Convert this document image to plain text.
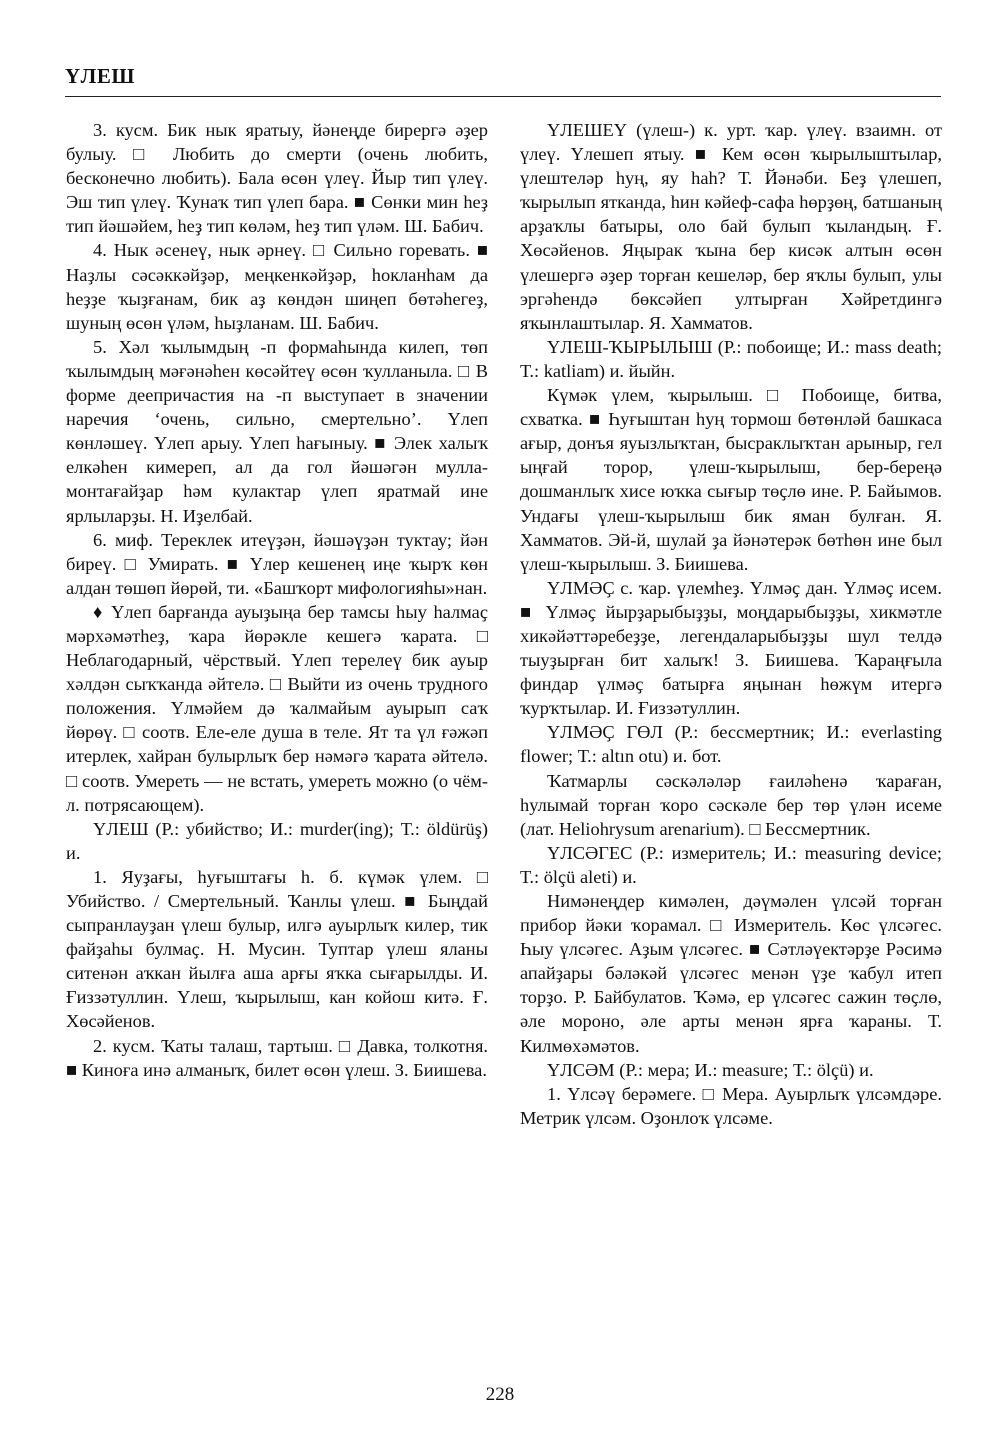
ҮЛЕШ

3. кусм. Бик нык яратыу, йәнеңде бирергә әҙер булыу. □ Любить до смерти (очень любить, бесконечно любить). Бала өсөн үлеү. Йыр тип үлеү. Эш тип үлеү. Ҡунаҡ тип үлеп бара. ■ Сөнки мин һеҙ тип йәшәйем, һеҙ тип көләм, һеҙ тип үләм. Ш. Бабич.

4. Нык әсенеү, нык әрнеү. □ Сильно горевать. ■ Наҙлы сәсәккәйҙәр, меңкенкәйҙәр, һокланһам да һеҙҙе ҡыҙғанам, бик аҙ көндән шиңеп бөтәһегеҙ, шуның өсөн үләм, һыҙланам. Ш. Бабич.

5. Хәл ҡылымдың -п формаһында килеп, төп ҡылымдың мәғәнәһен көсәйтеү өсөн ҡулланыла. □ В форме деепричастия на -п выступает в значении наречия ‘очень, сильно, смертельно’. Үлеп көнләшеү. Үлеп арыу. Үлеп һағыныу. ■ Элек халыҡ елкәһен кимереп, ал да гол йәшәгән мулла-монтағайҙар һәм кулактар үлеп яратмай ине ярлыларҙы. Н. Иҙелбай.

6. миф. Тереклек итеүҙән, йәшәүҙән туктау; йән биреү. □ Умирать. ■ Үлер кешенең иңе ҡырҡ көн алдан төшөп йөрөй, ти. «Башҡорт мифологияһы»нан.

♦ Үлеп барғанда ауыҙыңа бер тамсы һыу һалмаҫ мәрхәмәтһеҙ, ҡара йөрәкле кешегә ҡарата. □ Неблагодарный, чёрствый. Үлеп терелеү бик ауыр хәлдән сыҡҡанда әйтелә. □ Выйти из очень трудного положения. Үлмәйем дә ҡалмайым ауырып саҡ йөрөү. □ соотв. Еле-еле душа в теле. Ят та үл ғәжәп итерлек, хайран булырлыҡ бер нәмәгә ҡарата әйтелә. □ соотв. Умереть — не встать, умереть можно (о чём-л. потрясающем).

ҮЛЕШ (Р.: убийство; И.: murder(ing); Т.: öldürüş) и.

1. Яуҙағы, һуғыштағы һ. б. күмәк үлем. □ Убийство. / Смертельный. Ҡанлы үлеш. ■ Быңдай сыпранлауҙан үлеш булыр, илгә ауырлыҡ килер, тик файҙаһы булмаҫ. Н. Мусин. Туптар үлеш яланы ситенән аҡкан йылға аша арғы яҡка сығарылды. И. Ғиззәтуллин. Үлеш, ҡырылыш, кан койош китә. Ғ. Хөсәйенов.

2. кусм. Ҡаты талаш, тартыш. □ Давка, толкотня. ■ Киноға инә алманыҡ, билет өсөн үлеш. З. Биишева.

ҮЛЕШЕҮ (үлеш-) к. урт. ҡар. үлеү. взаимн. от үлеү. Үлешеп ятыу. ■ Кем өсөн ҡырылыштылар, үлештеләр һуң, яу һаһ? Т. Йәнәби. Беҙ үлешеп, ҡырылып ятканда, һин кәйеф-сафа һөрҙөң, батшаның арҙаҡлы батыры, оло бай булып ҡыландың. Ғ. Хөсәйенов. Яңырак ҡына бер кисәк алтын өсөн үлешергә әҙер торған кешеләр, бер яҡлы булып, улы эргәһендә бөксәйеп ултырған Хәйретдингә яҡынлаштылар. Я. Хамматов.

ҮЛЕШ-ҠЫРЫЛЫШ (Р.: побоище; И.: mass death; Т.: katliam) и. йыйн.

Күмәк үлем, ҡырылыш. □ Побоище, битва, схватка. ■ Һуғыштан һуң тормош бөтөнләй башкаса ағыр, донъя яуызлыҡтан, бысраклыҡтан арыныр, гел ыңғай торор, үлеш-ҡырылыш, бер-береңә дошманлыҡ хисе юҡка сығыр төҫлө ине. Р. Байымов. Ундағы үлеш-ҡырылыш бик яман булған. Я. Хамматов. Эй-й, шулай ҙа йәнәтерәк бөтһөн ине был үлеш-ҡырылыш. З. Биишева.

ҮЛМӘҪ с. ҡар. үлемһеҙ. Үлмәҫ дан. Үлмәҫ исем. ■ Үлмәҫ йырҙарыбыҙҙы, моңдарыбыҙҙы, хикмәтле хикәйәттәребеҙҙе, легендаларыбыҙҙы шул телдә тыуҙырған бит халыҡ! З. Биишева. Ҡараңғыла финдар үлмәҫ батырға яңынан һөжүм итергә ҡурҡтылар. И. Ғиззәтуллин.

ҮЛМӘҪ ГӨЛ (Р.: бессмертник; И.: everlasting flower; Т.: altın otu) и. бот.

Ҡатмарлы сәскәләләр ғаиләһенә ҡараған, һулымай торған ҡоро сәскәле бер төр үлән исеме (лат. Heliohrysum arenarium). □ Бессмертник.

ҮЛСӘГЕС (Р.: измеритель; И.: measuring device; Т.: ölçü aleti) и.

Нимәнеңдер кимәлен, дәүмәлен үлсәй торған прибор йәки ҡорамал. □ Измеритель. Көс үлсәгес. Һыу үлсәгес. Аҙым үлсәгес. ■ Сәтләүектәрҙе Рәсимә апайҙары бәләкәй үлсәгес менән үҙе ҡабул итеп торҙо. Р. Байбулатов. Ҡәмә, ер үлсәгес сажин төҫлө, әле мороно, әле арты менән ярға ҡараны. Т. Килмөхәмәтов.

ҮЛСӘМ (Р.: мера; И.: measure; Т.: ölçü) и.

1. Үлсәү берәмеге. □ Мера. Ауырлыҡ үлсәмдәре. Метрик үлсәм. Оҙонлоҡ үлсәме.

228
